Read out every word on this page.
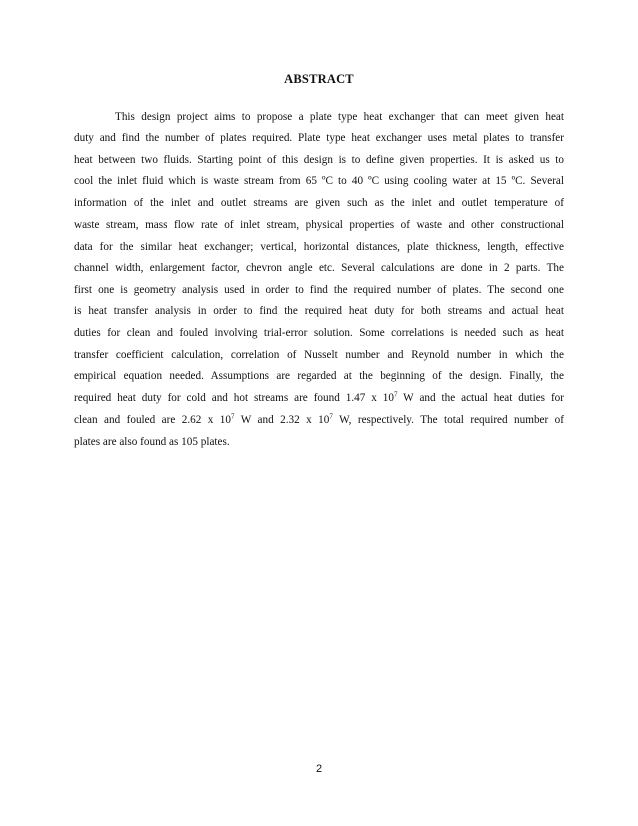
ABSTRACT
This design project aims to propose a plate type heat exchanger that can meet given heat
duty and find the number of plates required. Plate type heat exchanger uses metal plates to transfer
heat between two fluids. Starting point of this design is to define given properties. It is asked us to
cool the inlet fluid which is waste stream from 65 ºC to 40 ºC using cooling water at 15 ºC. Several
information of the inlet and outlet streams are given such as the inlet and outlet temperature of
waste stream, mass flow rate of inlet stream, physical properties of waste and other constructional
data for the similar heat exchanger; vertical, horizontal distances, plate thickness, length, effective
channel width, enlargement factor, chevron angle etc. Several calculations are done in 2 parts. The
first one is geometry analysis used in order to find the required number of plates. The second one
is heat transfer analysis in order to find the required heat duty for both streams and actual heat
duties for clean and fouled involving trial-error solution. Some correlations is needed such as heat
transfer coefficient calculation, correlation of Nusselt number and Reynold number in which the
empirical equation needed. Assumptions are regarded at the beginning of the design. Finally, the
required heat duty for cold and hot streams are found 1.47 x $10^7$ W and the actual heat duties for
clean and fouled are 2.62 x $10^7$ W and 2.32 x $10^7$ W, respectively. The total required number of
plates are also found as 105 plates.
2
